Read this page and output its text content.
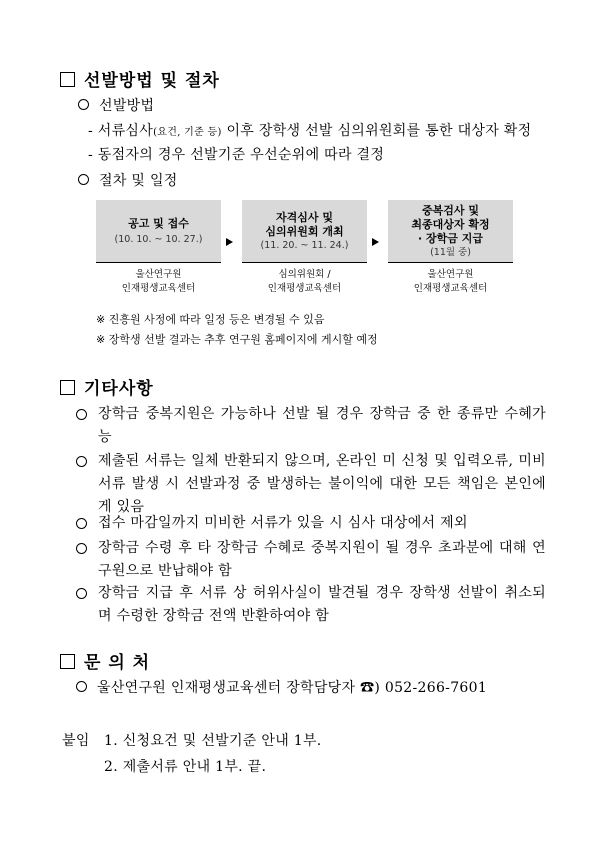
선발방법 및 절차
선발방법
- 서류심사(요건, 기준 등) 이후 장학생 선발 심의위원회를 통한 대상자 확정
- 동점자의 경우 선발기준 우선순위에 따라 결정
절차 및 일정
공고 및 접수
(10. 10. ~ 10. 27.)
자격심사 및
심의위원회 개최
(11. 20. ~ 11. 24.)
중복검사 및
최종대상자 확정
· 장학금 지급
(11월 중)
울산연구원
인재평생교육센터
심의위원회 /
인재평생교육센터
울산연구원
인재평생교육센터
※ 진흥원 사정에 따라 일정 등은 변경될 수 있음
※ 장학생 선발 결과는 추후 연구원 홈페이지에 게시할 예정
기타사항
장학금 중복지원은 가능하나 선발 될 경우 장학금 중 한 종류만 수혜가능
제출된 서류는 일체 반환되지 않으며, 온라인 미 신청 및 입력오류, 미비서류 발생 시 선발과정 중 발생하는 불이익에 대한 모든 책임은 본인에게 있음
접수 마감일까지 미비한 서류가 있을 시 심사 대상에서 제외
장학금 수령 후 타 장학금 수혜로 중복지원이 될 경우 초과분에 대해 연구원으로 반납해야 함
장학금 지급 후 서류 상 허위사실이 발견될 경우 장학생 선발이 취소되며 수령한 장학금 전액 반환하여야 함
문 의 처
울산연구원 인재평생교육센터 장학담당자 ☎) 052-266-7601
붙임 1. 신청요건 및 선발기준 안내 1부.
2. 제출서류 안내 1부. 끝.
